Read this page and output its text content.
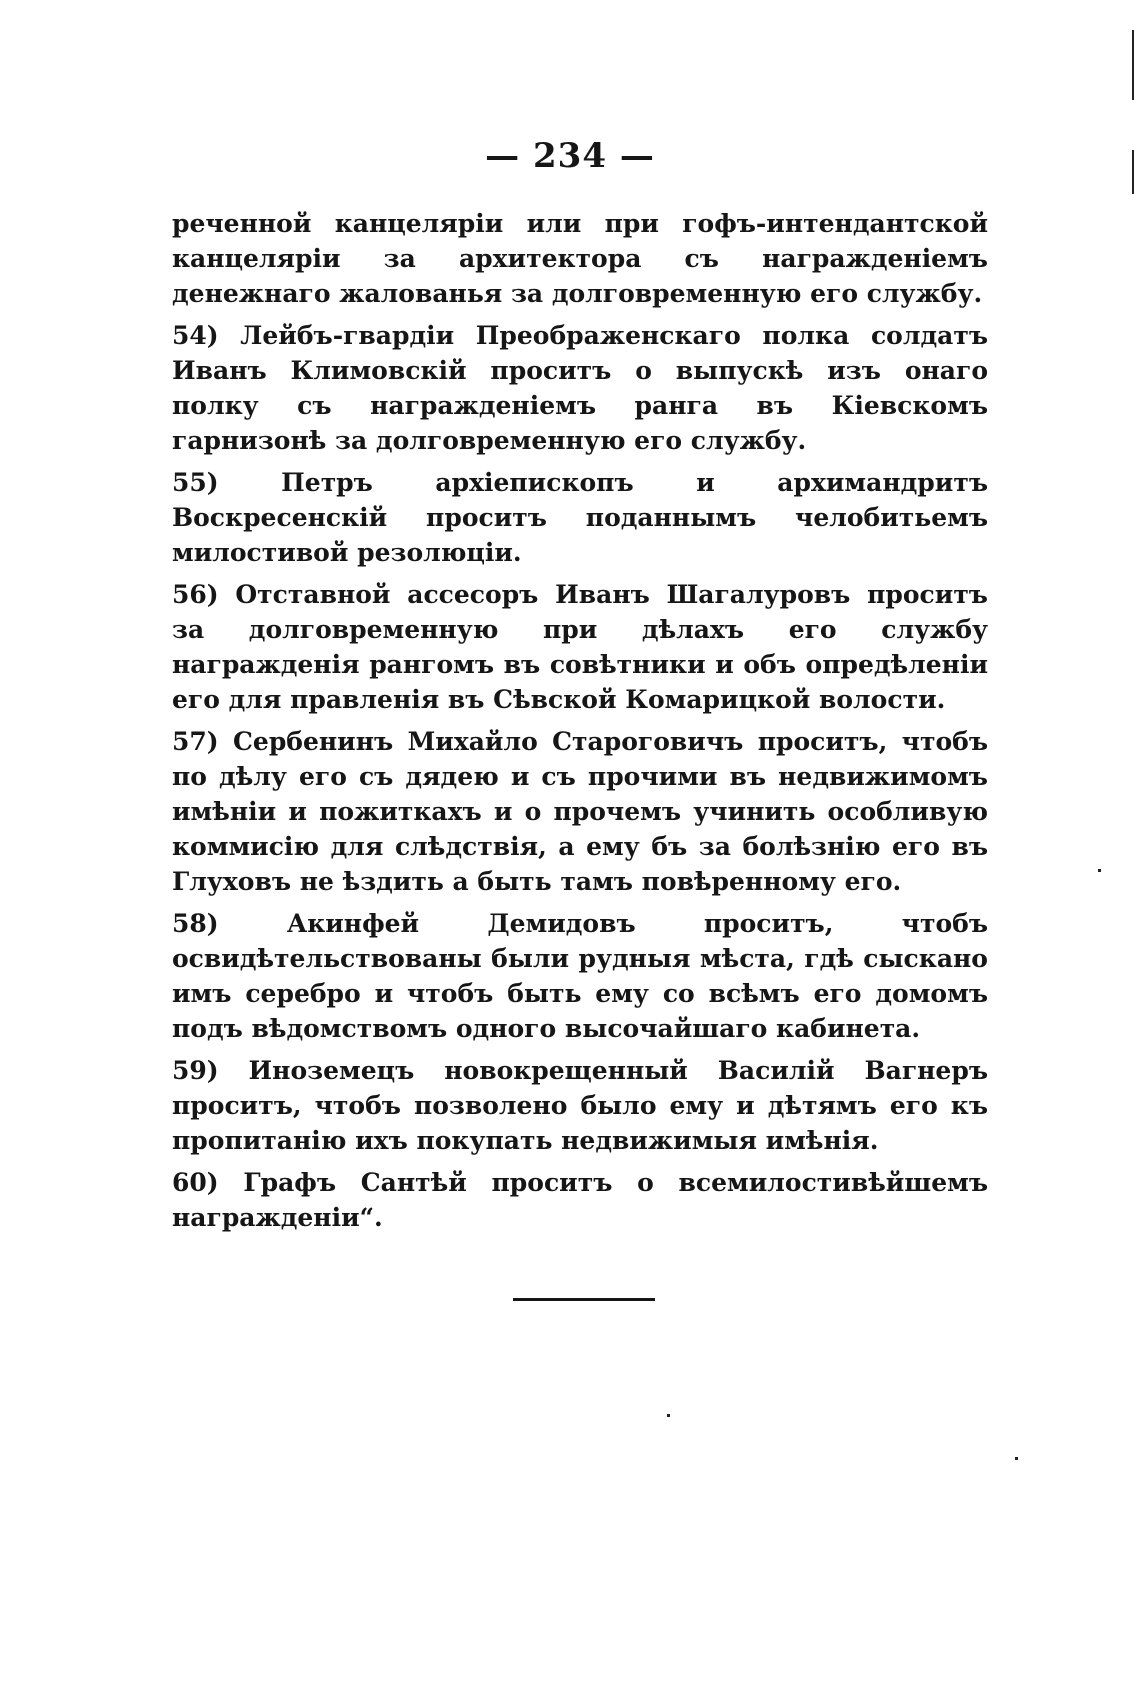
— 234 —

реченной канцеляріи или при гофъ-интендантской канцеляріи за архитектора съ награжденіемъ денежнаго жалованья за долговременную его службу.

54) Лейбъ-гвардіи Преображенскаго полка солдатъ Иванъ Климовскій проситъ о выпускѣ изъ онаго полку съ награжденіемъ ранга въ Кіевскомъ гарнизонѣ за долговременную его службу.

55) Петръ архіепископъ и архимандритъ Воскресенскій проситъ поданнымъ челобитьемъ милостивой резолюціи.

56) Отставной ассесоръ Иванъ Шагалуровъ проситъ за долговременную при дѣлахъ его службу награжденія рангомъ въ совѣтники и объ опредѣленіи его для правленія въ Сѣвской Комарицкой волости.

57) Сербенинъ Михайло Староговичъ проситъ, чтобъ по дѣлу его съ дядею и съ прочими въ недвижимомъ имѣніи и пожиткахъ и о прочемъ учинить особливую коммисію для слѣдствія, а ему бъ за болѣзнію его въ Глуховъ не ѣздить а быть тамъ повѣренному его.

58) Акинфей Демидовъ проситъ, чтобъ освидѣтельствованы были рудныя мѣста, гдѣ сыскано имъ серебро и чтобъ быть ему со всѣмъ его домомъ подъ вѣдомствомъ одного высочайшаго кабинета.

59) Иноземецъ новокрещенный Василій Вагнеръ проситъ, чтобъ позволено было ему и дѣтямъ его къ пропитанію ихъ покупать недвижимыя имѣнія.

60) Графъ Сантѣй проситъ о всемилостивѣйшемъ награжденіи“.
